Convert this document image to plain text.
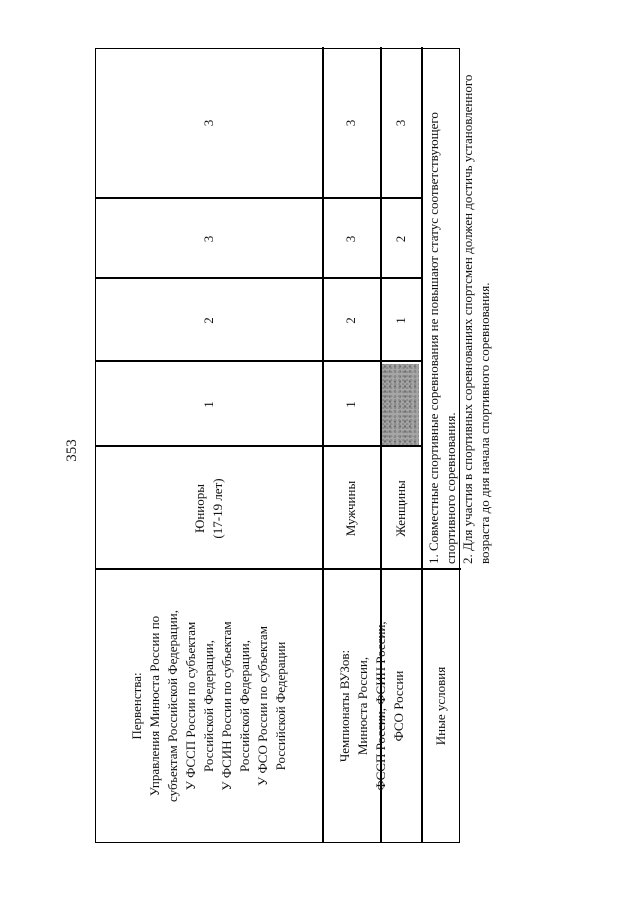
353
Первенства:
Управления Минюста России по
субъектам Российской Федерации,
У ФССП России по субъектам
Российской Федерации,
У ФСИН России по субъектам
Российской Федерации,
У ФСО России по субъектам
Российской Федерации
Юниоры
(17-19 лет)
1
2
3
3
Чемпионаты ВУЗов:
Минюста России,
ФССП России, ФСИН России,
ФСО России
Мужчины
1
2
3
3
Женщины
1
2
3
Иные условия
1. Совместные спортивные соревнования не повышают статус соответствующего спортивного соревнования. 2. Для участия в спортивных соревнованиях спортсмен должен достичь установленного возраста до дня начала спортивного соревнования.
